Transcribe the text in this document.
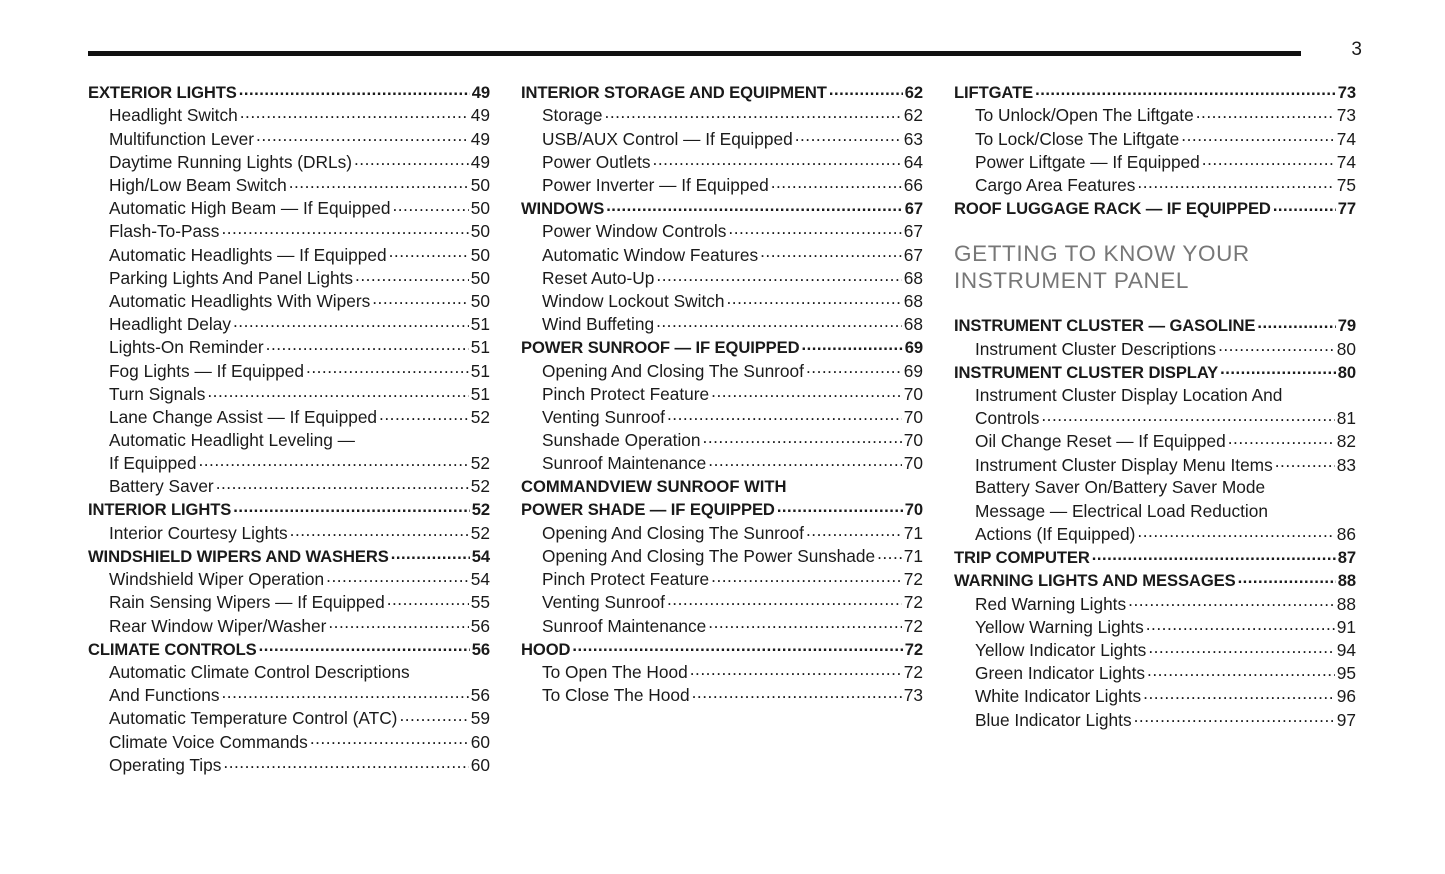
3
EXTERIOR LIGHTS .....	49
Headlight Switch .....	49
Multifunction Lever .....	49
Daytime Running Lights (DRLs) .....	49
High/Low Beam Switch .....	50
Automatic High Beam — If Equipped .....	50
Flash-To-Pass .....	50
Automatic Headlights — If Equipped .....	50
Parking Lights And Panel Lights .....	50
Automatic Headlights With Wipers .....	50
Headlight Delay .....	51
Lights-On Reminder .....	51
Fog Lights — If Equipped .....	51
Turn Signals .....	51
Lane Change Assist — If Equipped .....	52
Automatic Headlight Leveling —
If Equipped .....	52
Battery Saver .....	52
INTERIOR LIGHTS .....	52
Interior Courtesy Lights .....	52
WINDSHIELD WIPERS AND WASHERS .....	54
Windshield Wiper Operation .....	54
Rain Sensing Wipers — If Equipped .....	55
Rear Window Wiper/Washer .....	56
CLIMATE CONTROLS .....	56
Automatic Climate Control Descriptions
And Functions .....	56
Automatic Temperature Control (ATC) .....	59
Climate Voice Commands .....	60
Operating Tips .....	60
INTERIOR STORAGE AND EQUIPMENT .....	62
Storage .....	62
USB/AUX Control — If Equipped .....	63
Power Outlets .....	64
Power Inverter — If Equipped .....	66
WINDOWS .....	67
Power Window Controls .....	67
Automatic Window Features .....	67
Reset Auto-Up .....	68
Window Lockout Switch .....	68
Wind Buffeting .....	68
POWER SUNROOF — IF EQUIPPED .....	69
Opening And Closing The Sunroof .....	69
Pinch Protect Feature .....	70
Venting Sunroof .....	70
Sunshade Operation .....	70
Sunroof Maintenance .....	70
COMMANDVIEW SUNROOF WITH
POWER SHADE — IF EQUIPPED .....	70
Opening And Closing The Sunroof .....	71
Opening And Closing The Power Sunshade ..... 71
Pinch Protect Feature .....	72
Venting Sunroof .....	72
Sunroof Maintenance .....	72
HOOD .....	72
To Open The Hood .....	72
To Close The Hood .....	73
LIFTGATE .....	73
To Unlock/Open The Liftgate .....	73
To Lock/Close The Liftgate .....	74
Power Liftgate — If Equipped .....	74
Cargo Area Features .....	75
ROOF LUGGAGE RACK — IF EQUIPPED .....	77
GETTING TO KNOW YOUR
INSTRUMENT PANEL
INSTRUMENT CLUSTER — GASOLINE .....	79
Instrument Cluster Descriptions .....	80
INSTRUMENT CLUSTER DISPLAY .....	80
Instrument Cluster Display Location And
Controls .....	81
Oil Change Reset — If Equipped .....	82
Instrument Cluster Display Menu Items .....	83
Battery Saver On/Battery Saver Mode
Message — Electrical Load Reduction
Actions (If Equipped) .....	86
TRIP COMPUTER .....	87
WARNING LIGHTS AND MESSAGES .....	88
Red Warning Lights .....	88
Yellow Warning Lights .....	91
Yellow Indicator Lights .....	94
Green Indicator Lights .....	95
White Indicator Lights .....	96
Blue Indicator Lights .....	97
